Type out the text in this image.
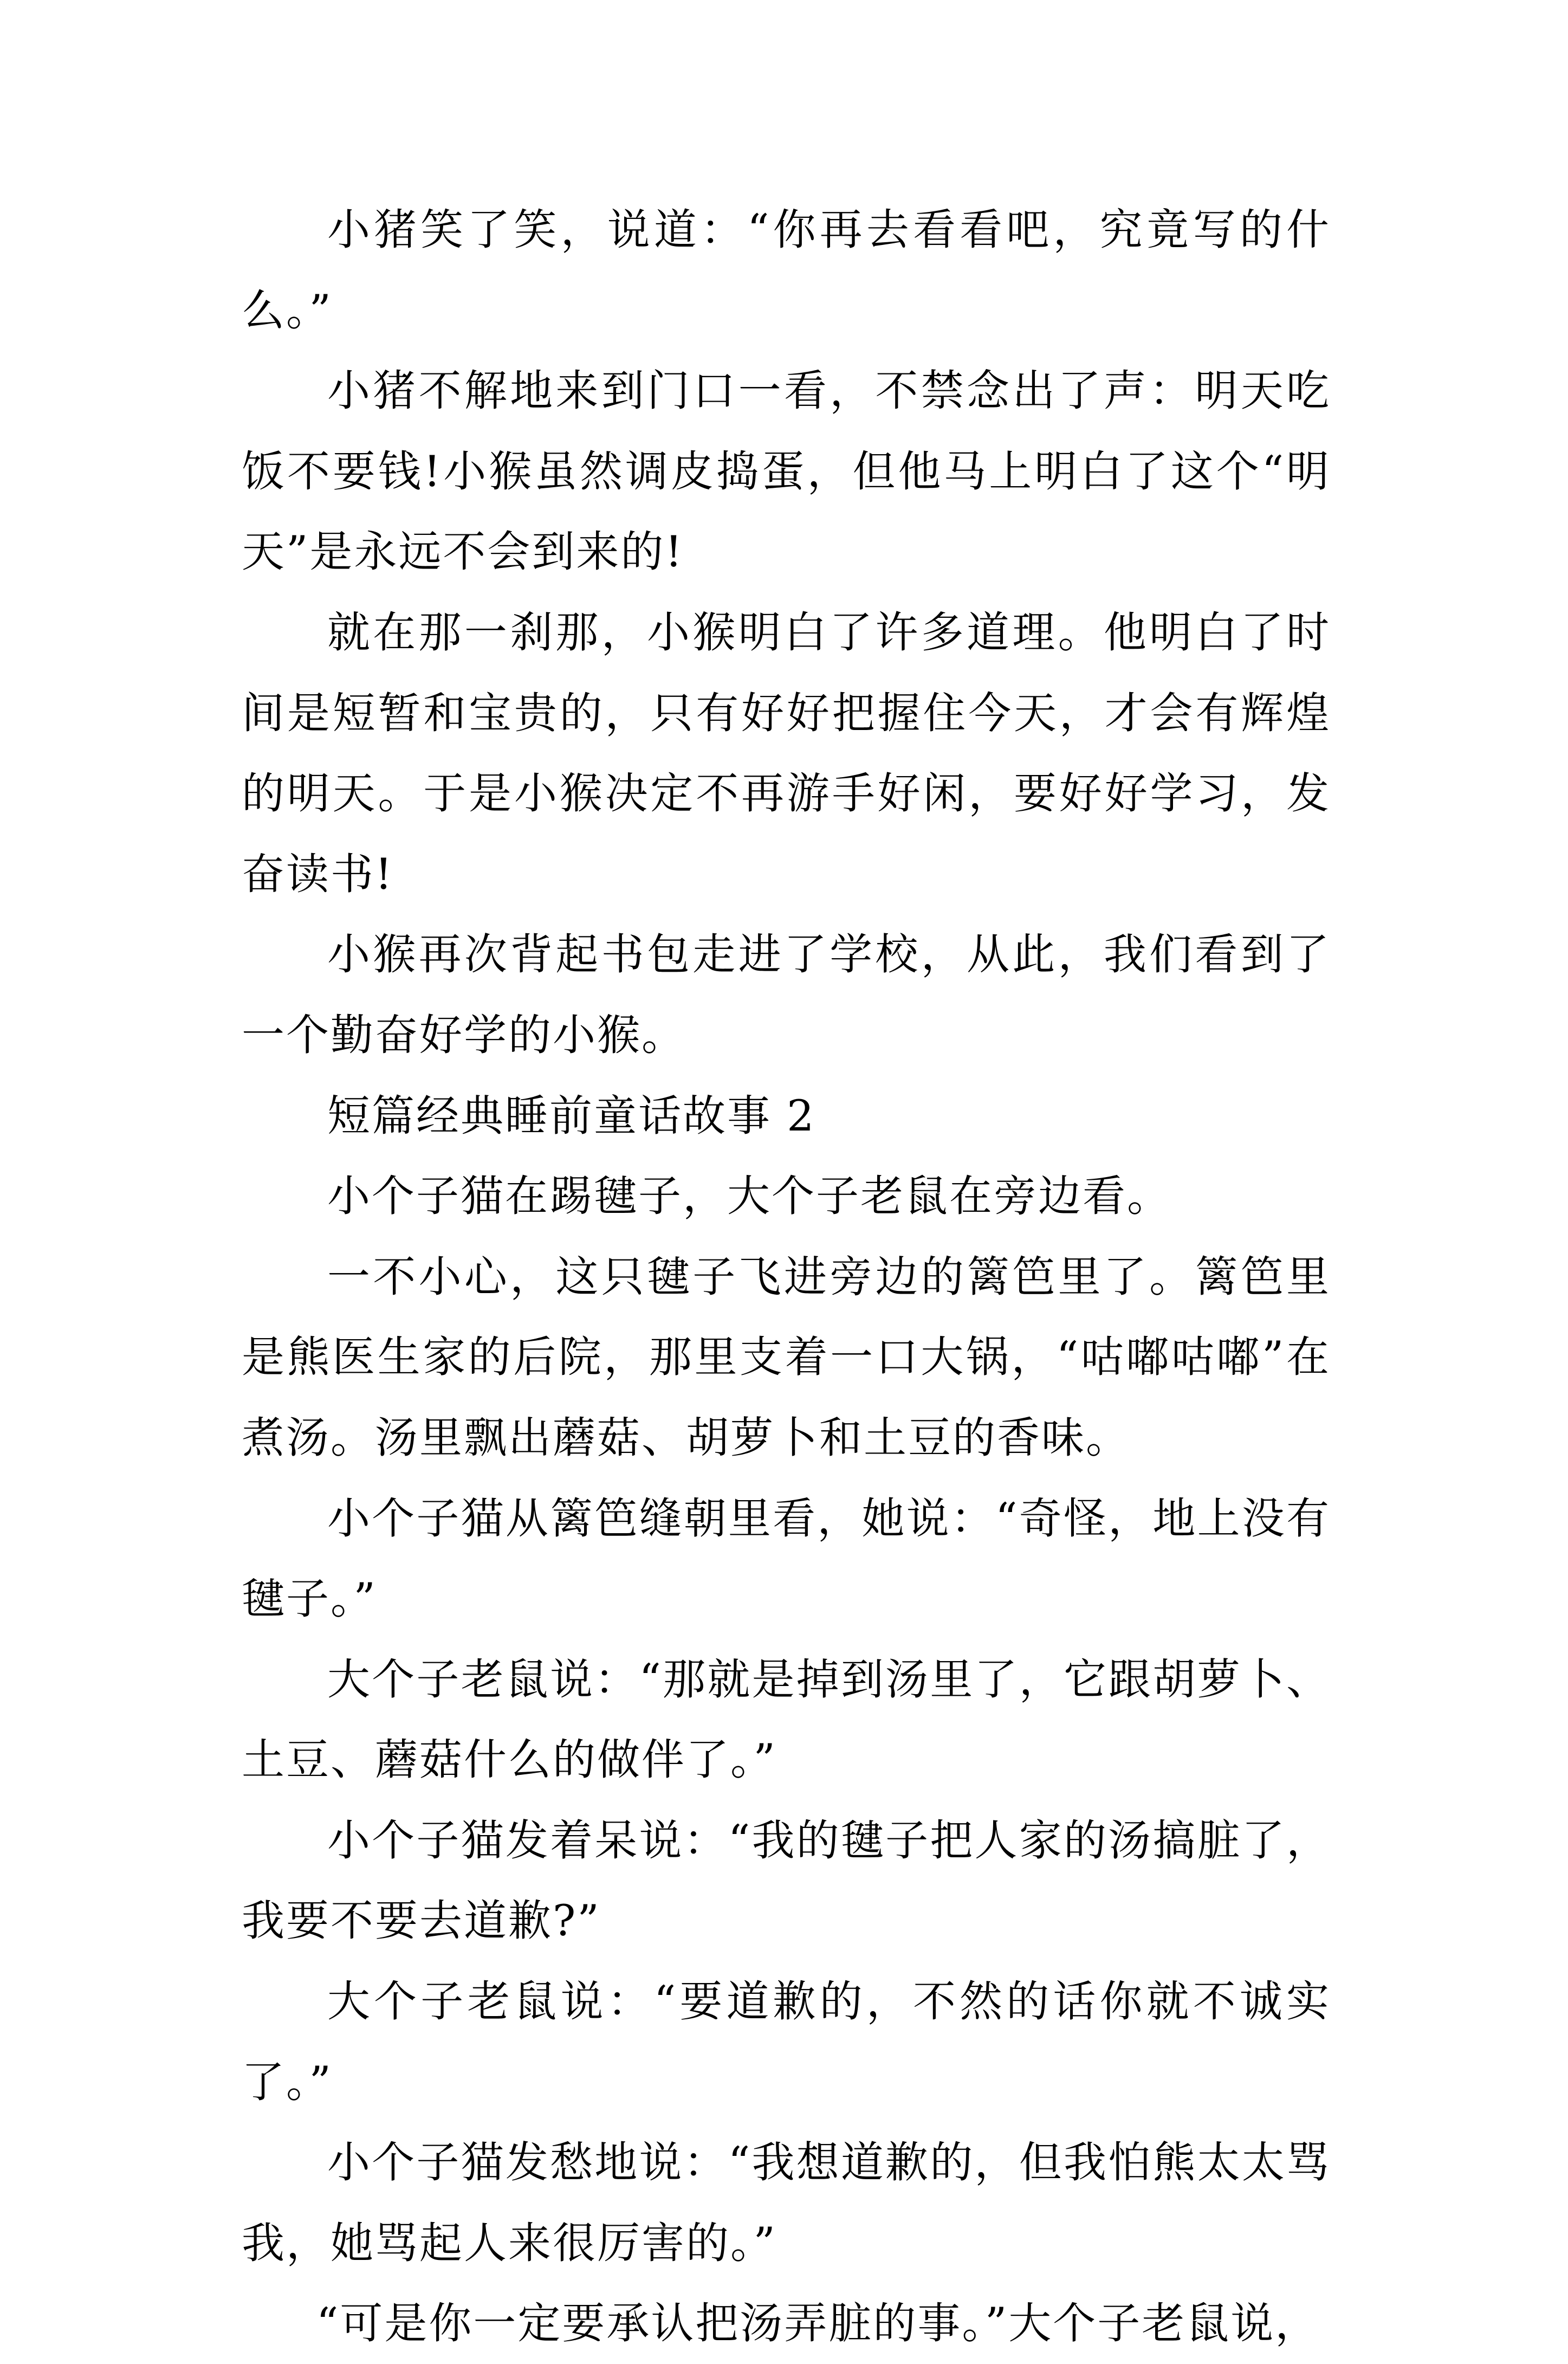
小猪笑了笑，说道：“你再去看看吧，究竟写的什么。”

小猪不解地来到门口一看，不禁念出了声：明天吃饭不要钱!小猴虽然调皮捣蛋，但他马上明白了这个“明天”是永远不会到来的!

就在那一刹那，小猴明白了许多道理。他明白了时间是短暂和宝贵的，只有好好把握住今天，才会有辉煌的明天。于是小猴决定不再游手好闲，要好好学习，发奋读书!

小猴再次背起书包走进了学校，从此，我们看到了一个勤奋好学的小猴。

短篇经典睡前童话故事 2

小个子猫在踢毽子，大个子老鼠在旁边看。

一不小心，这只毽子飞进旁边的篱笆里了。篱笆里是熊医生家的后院，那里支着一口大锅，“咕嘟咕嘟”在煮汤。汤里飘出蘑菇、胡萝卜和土豆的香味。

小个子猫从篱笆缝朝里看，她说：“奇怪，地上没有毽子。”

大个子老鼠说：“那就是掉到汤里了，它跟胡萝卜、土豆、蘑菇什么的做伴了。”

小个子猫发着呆说：“我的毽子把人家的汤搞脏了，我要不要去道歉?”

大个子老鼠说：“要道歉的，不然的话你就不诚实了。”

小个子猫发愁地说：“我想道歉的，但我怕熊太太骂我，她骂起人来很厉害的。”

“可是你一定要承认把汤弄脏的事。”大个子老鼠说，
